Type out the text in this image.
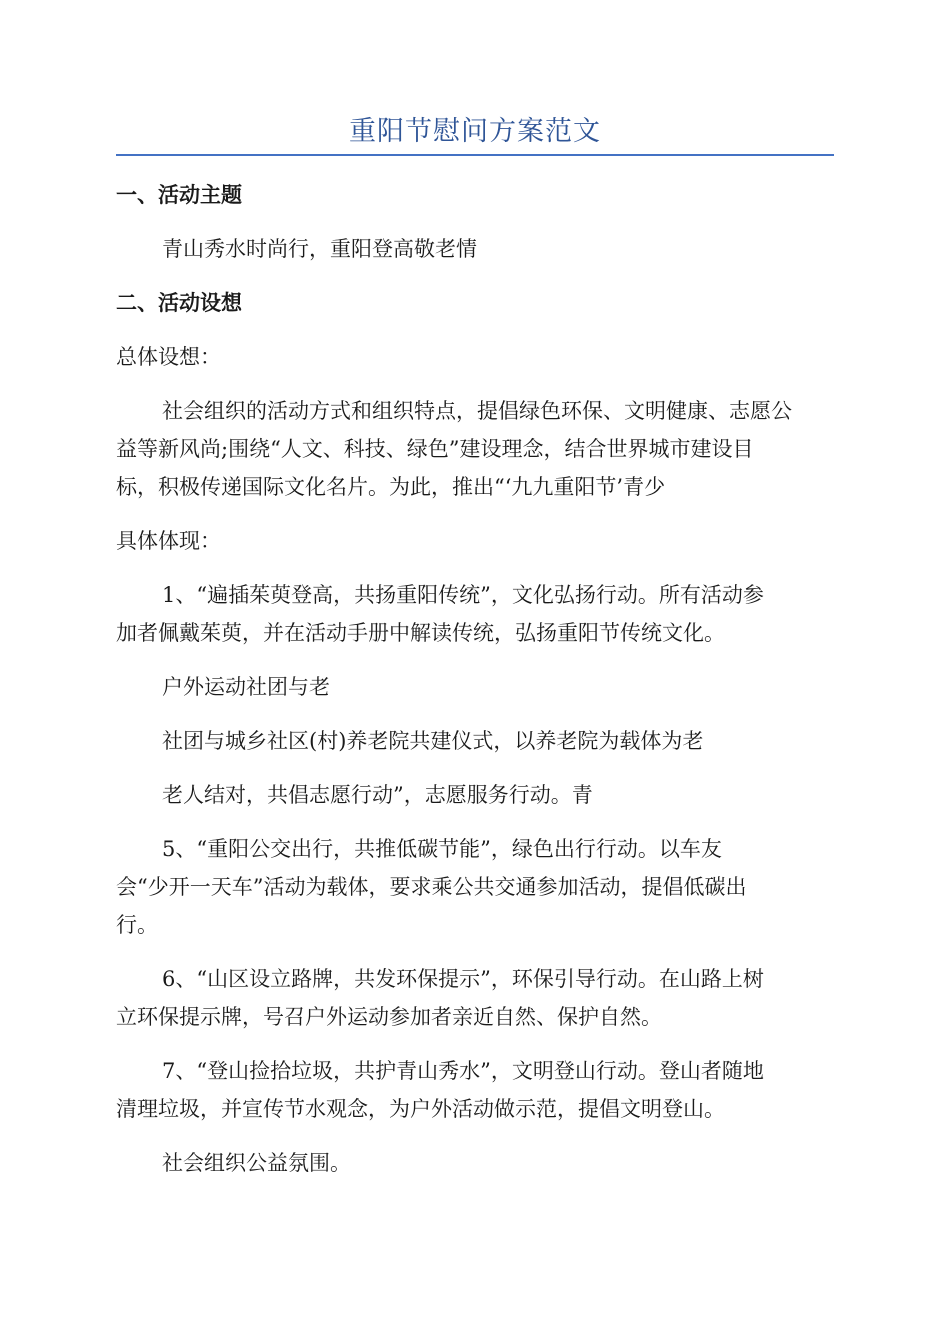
重阳节慰问方案范文
一、活动主题
青山秀水时尚行，重阳登高敬老情
二、活动设想
总体设想：
社会组织的活动方式和组织特点，提倡绿色环保、文明健康、志愿公
益等新风尚;围绕“人文、科技、绿色”建设理念，结合世界城市建设目
标，积极传递国际文化名片。为此，推出“‘九九重阳节’青少
具体体现：
1、“遍插茱萸登高，共扬重阳传统”，文化弘扬行动。所有活动参
加者佩戴茱萸，并在活动手册中解读传统，弘扬重阳节传统文化。
户外运动社团与老
社团与城乡社区(村)养老院共建仪式，以养老院为载体为老
老人结对，共倡志愿行动”，志愿服务行动。青
5、“重阳公交出行，共推低碳节能”，绿色出行行动。以车友
会“少开一天车”活动为载体，要求乘公共交通参加活动，提倡低碳出
行。
6、“山区设立路牌，共发环保提示”，环保引导行动。在山路上树
立环保提示牌，号召户外运动参加者亲近自然、保护自然。
7、“登山捡拾垃圾，共护青山秀水”，文明登山行动。登山者随地
清理垃圾，并宣传节水观念，为户外活动做示范，提倡文明登山。
社会组织公益氛围。
